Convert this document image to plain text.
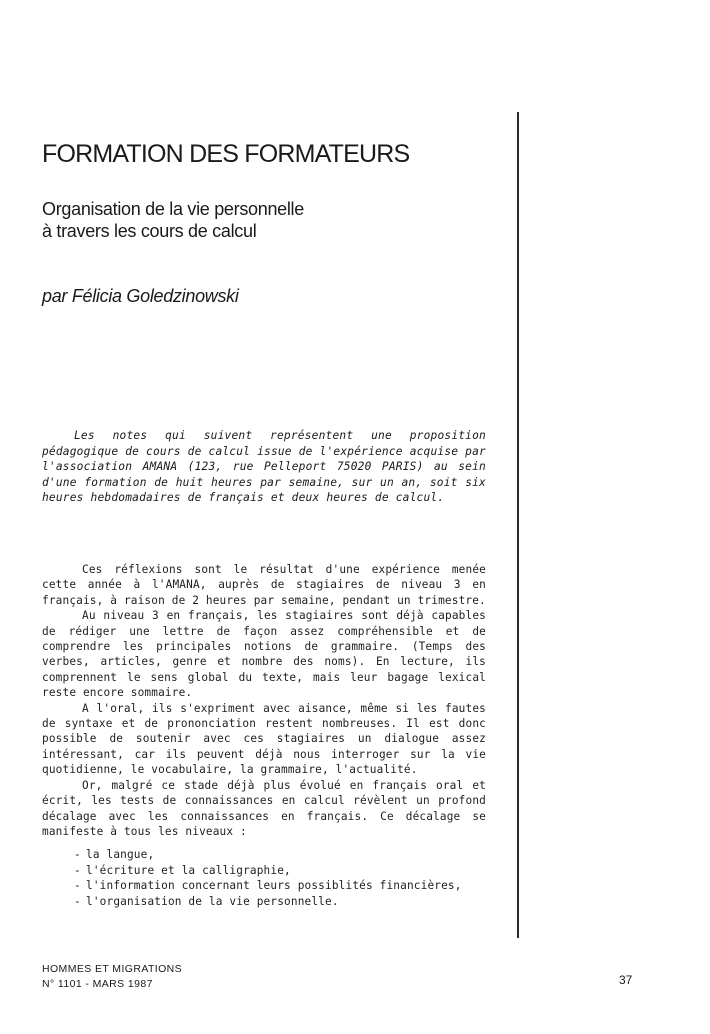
FORMATION DES FORMATEURS
Organisation de la vie personnelle
à travers les cours de calcul
par Félicia Goledzinowski

Les notes qui suivent représentent une proposition pédagogique de cours de calcul issue de l'expérience acquise par l'association AMANA (123, rue Pelleport 75020 PARIS) au sein d'une formation de huit heures par semaine, sur un an, soit six heures hebdomadaires de français et deux heures de calcul.

Ces réflexions sont le résultat d'une expérience menée cette année à l'AMANA, auprès de stagiaires de niveau 3 en français, à raison de 2 heures par semaine, pendant un trimestre.

Au niveau 3 en français, les stagiaires sont déjà capables de rédiger une lettre de façon assez compréhensible et de comprendre les principales notions de grammaire. (Temps des verbes, articles, genre et nombre des noms). En lecture, ils comprennent le sens global du texte, mais leur bagage lexical reste encore sommaire.

A l'oral, ils s'expriment avec aisance, même si les fautes de syntaxe et de prononciation restent nombreuses. Il est donc possible de soutenir avec ces stagiaires un dialogue assez intéressant, car ils peuvent déjà nous interroger sur la vie quotidienne, le vocabulaire, la grammaire, l'actualité.

Or, malgré ce stade déjà plus évolué en français oral et écrit, les tests de connaissances en calcul révèlent un profond décalage avec les connaissances en français. Ce décalage se manifeste à tous les niveaux :

- la langue,
- l'écriture et la calligraphie,
- l'information concernant leurs possiblités financières,
- l'organisation de la vie personnelle.
HOMMES ET MIGRATIONS
N° 1101 - MARS 1987	37
